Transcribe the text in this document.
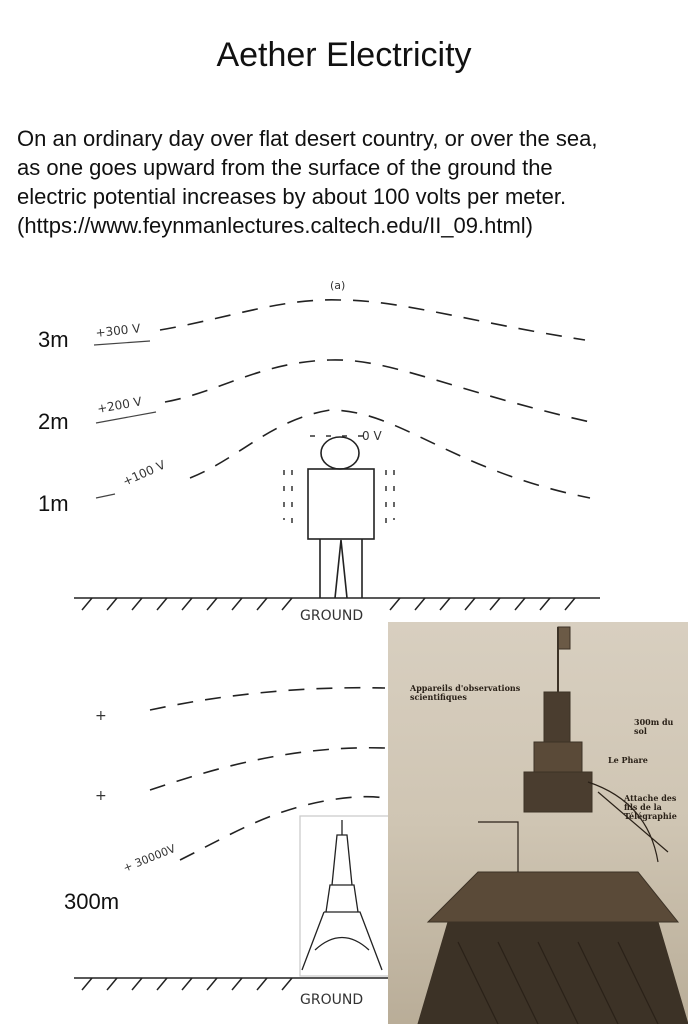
Aether Electricity
On an ordinary day over flat desert country, or over the sea,
as one goes upward from the surface of the ground the
electric potential increases by about 100 volts per meter.
(https://www.feynmanlectures.caltech.edu/II_09.html)
3m
2m
1m
300m
(a)
+300 V
+200 V
+100 V
0 V
GROUND
+ 30000V
+
+
GROUND
Appareils d'observations scientifiques
300m du sol
Le Phare
Attache des fils de la Télégraphie
